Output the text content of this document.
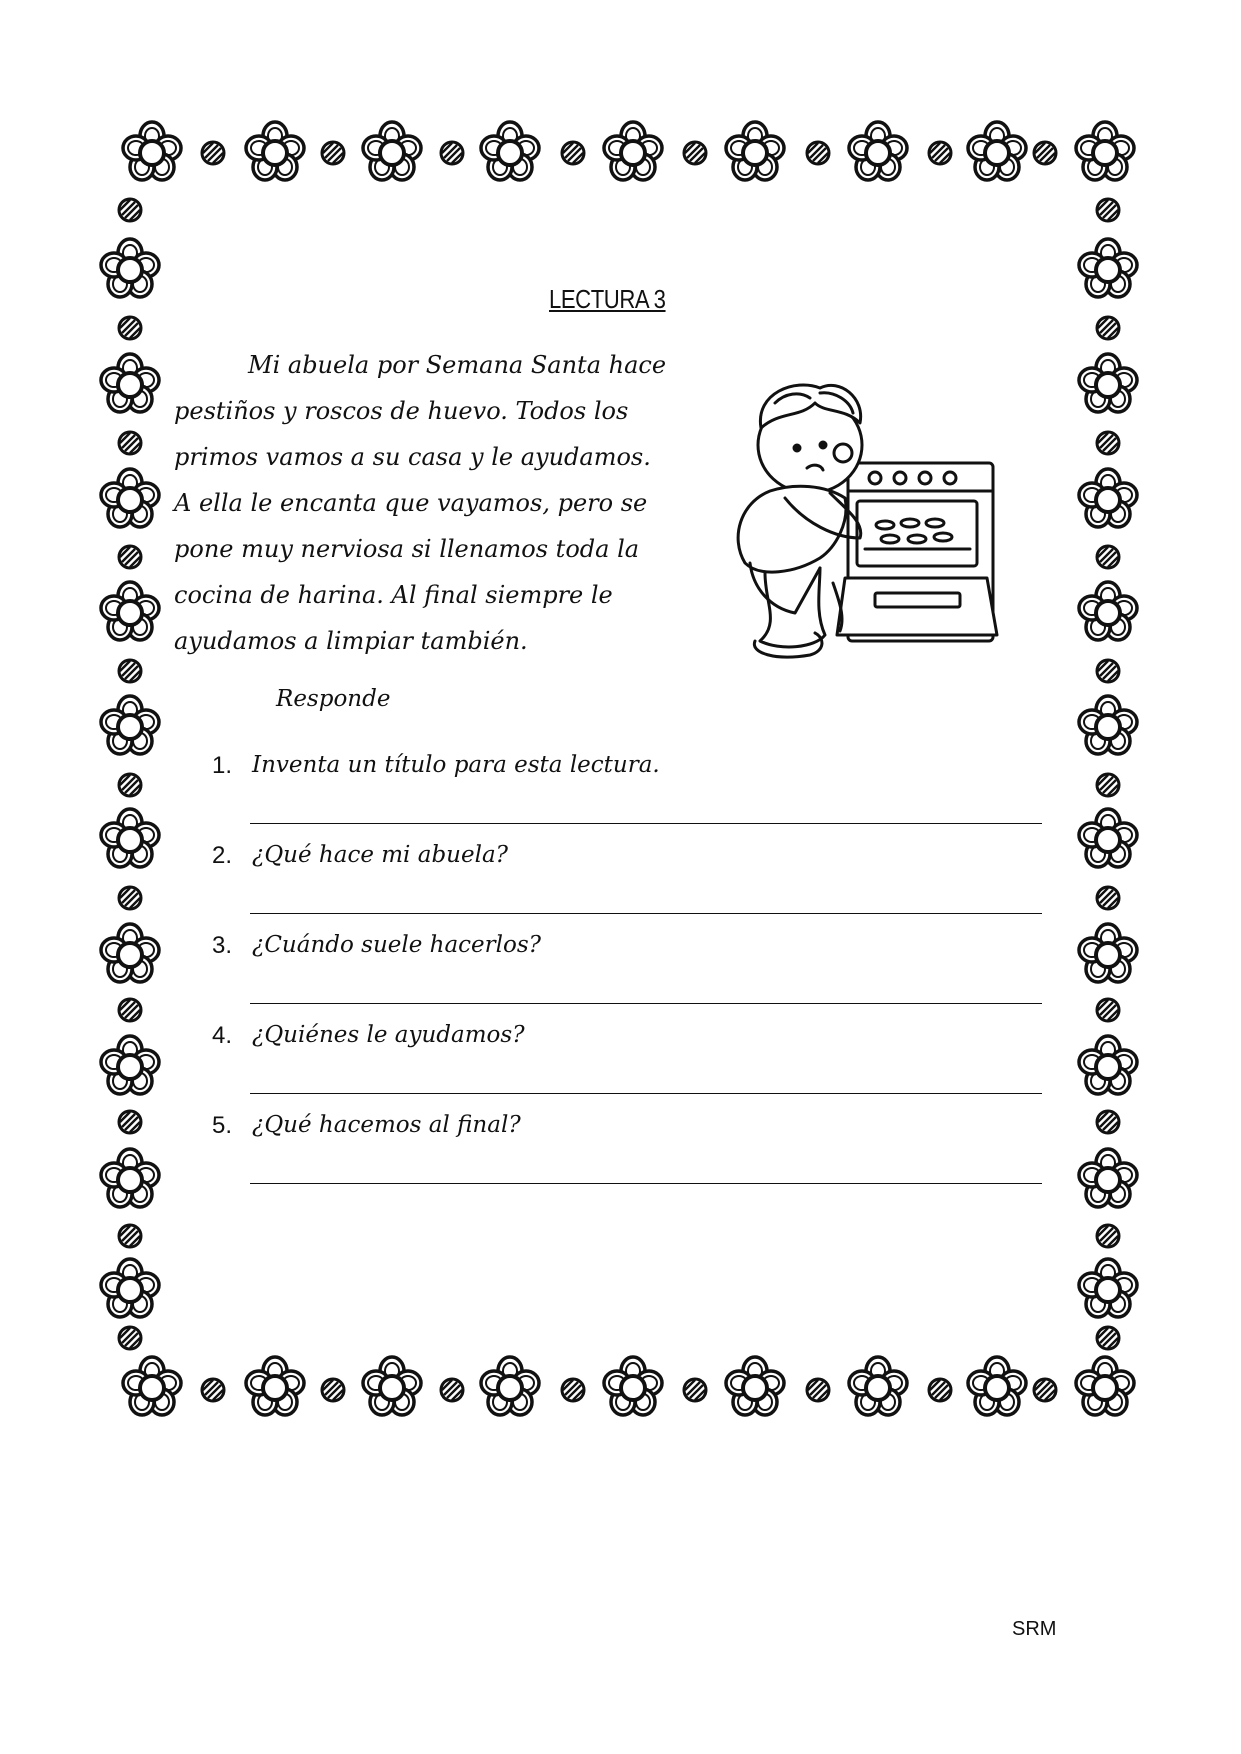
LECTURA 3
Mi abuela por Semana Santa hace
pestiños y roscos de huevo. Todos los
primos vamos a su casa y le ayudamos.
A ella le encanta que vayamos, pero se
pone muy nerviosa si llenamos toda la
cocina de harina. Al final siempre le
ayudamos a limpiar también.
Responde
1. Inventa un título para esta lectura.
2. ¿Qué hace mi abuela?
3. ¿Cuándo suele hacerlos?
4. ¿Quiénes le ayudamos?
5. ¿Qué hacemos al final?
SRM
